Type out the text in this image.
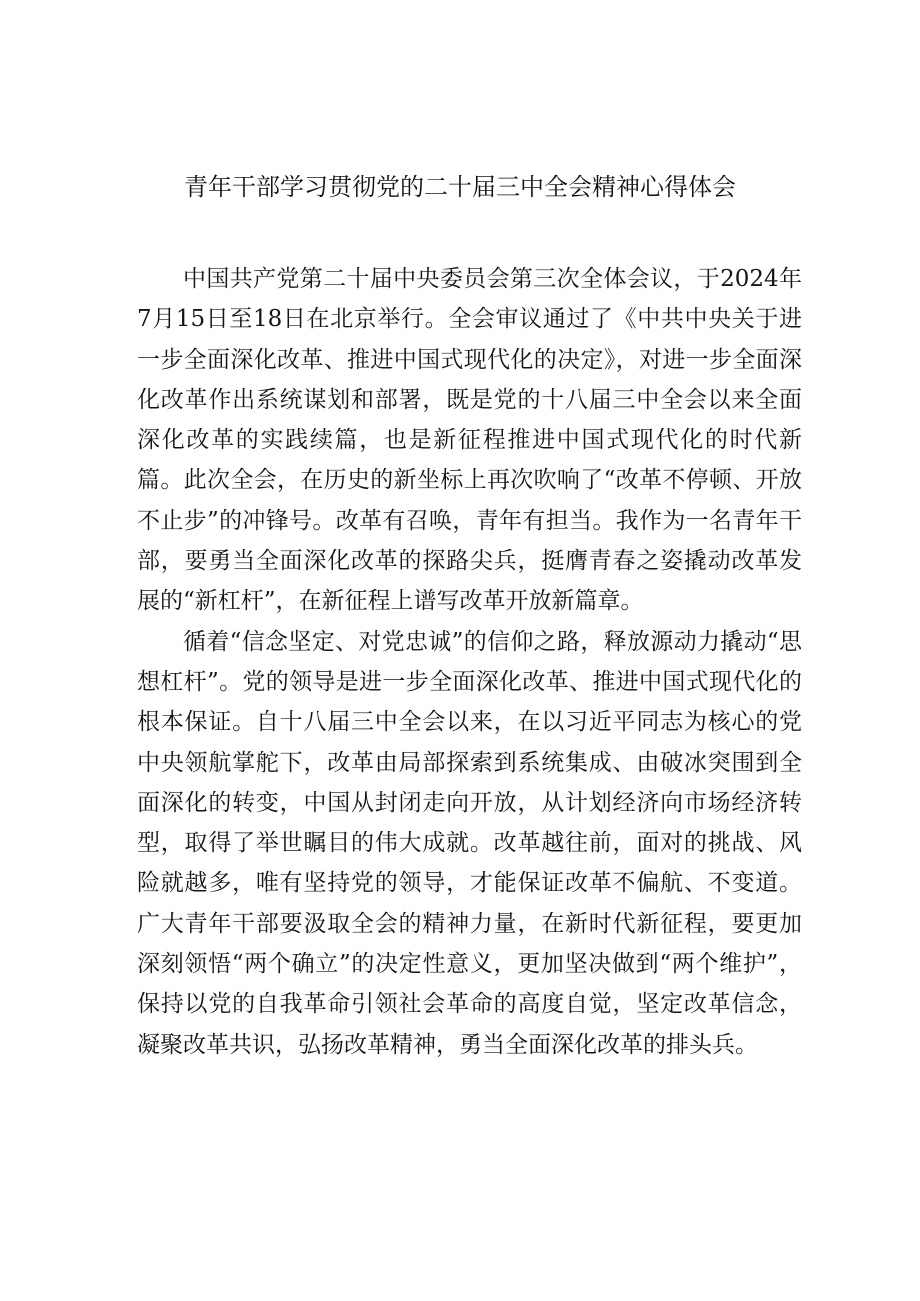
青年干部学习贯彻党的二十届三中全会精神心得体会

中国共产党第二十届中央委员会第三次全体会议，于2024年7月15日至18日在北京举行。全会审议通过了《中共中央关于进一步全面深化改革、推进中国式现代化的决定》，对进一步全面深化改革作出系统谋划和部署，既是党的十八届三中全会以来全面深化改革的实践续篇，也是新征程推进中国式现代化的时代新篇。此次全会，在历史的新坐标上再次吹响了“改革不停顿、开放不止步”的冲锋号。改革有召唤，青年有担当。我作为一名青年干部，要勇当全面深化改革的探路尖兵，挺膺青春之姿撬动改革发展的“新杠杆”，在新征程上谱写改革开放新篇章。

循着“信念坚定、对党忠诚”的信仰之路，释放源动力撬动“思想杠杆”。党的领导是进一步全面深化改革、推进中国式现代化的根本保证。自十八届三中全会以来，在以习近平同志为核心的党中央领航掌舵下，改革由局部探索到系统集成、由破冰突围到全面深化的转变，中国从封闭走向开放，从计划经济向市场经济转型，取得了举世瞩目的伟大成就。改革越往前，面对的挑战、风险就越多，唯有坚持党的领导，才能保证改革不偏航、不变道。广大青年干部要汲取全会的精神力量，在新时代新征程，要更加深刻领悟“两个确立”的决定性意义，更加坚决做到“两个维护”，保持以党的自我革命引领社会革命的高度自觉，坚定改革信念，凝聚改革共识，弘扬改革精神，勇当全面深化改革的排头兵。
